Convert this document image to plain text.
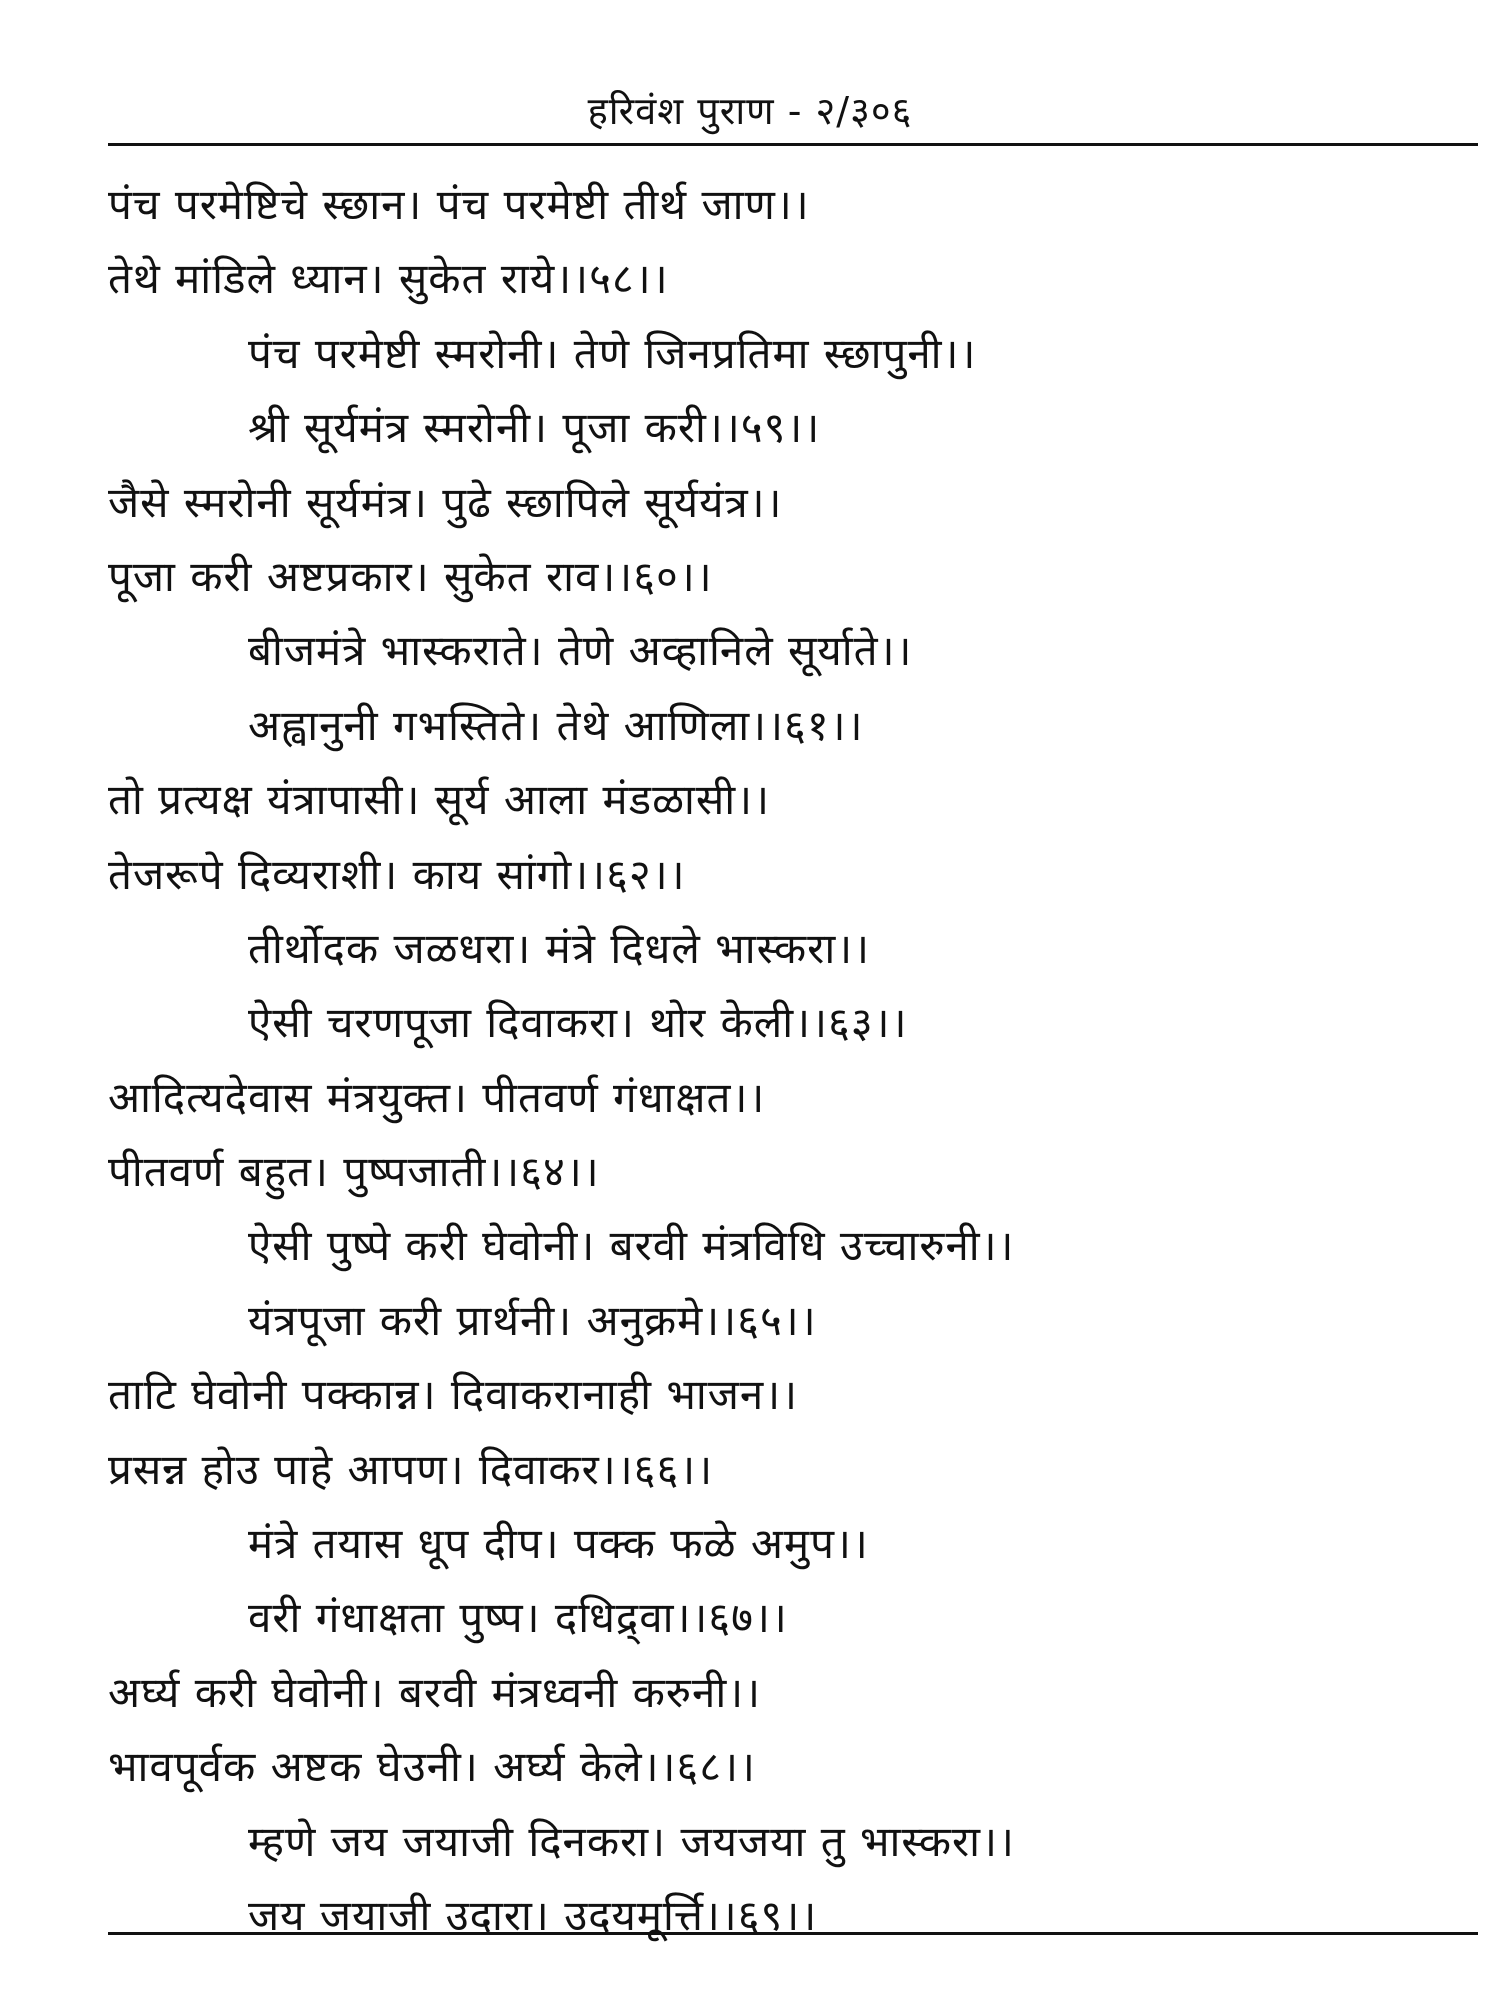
हरिवंश पुराण - २/३०६
पंच परमेष्टिचे स्छान। पंच परमेष्टी तीर्थ जाण।।
तेथे मांडिले ध्यान। सुकेत राये।।५८।।
पंच परमेष्टी स्मरोनी। तेणे जिनप्रतिमा स्छापुनी।।
श्री सूर्यमंत्र स्मरोनी। पूजा करी।।५९।।
जैसे स्मरोनी सूर्यमंत्र। पुढे स्छापिले सूर्ययंत्र।।
पूजा करी अष्टप्रकार। सुकेत राव।।६०।।
बीजमंत्रे भास्कराते। तेणे अव्हानिले सूर्याते।।
अह्वानुनी गभस्तिते। तेथे आणिला।।६१।।
तो प्रत्यक्ष यंत्रापासी। सूर्य आला मंडळासी।।
तेजरूपे दिव्यराशी। काय सांगो।।६२।।
तीर्थोदक जळधरा। मंत्रे दिधले भास्करा।।
ऐसी चरणपूजा दिवाकरा। थोर केली।।६३।।
आदित्यदेवास मंत्रयुक्त। पीतवर्ण गंधाक्षत।।
पीतवर्ण बहुत। पुष्पजाती।।६४।।
ऐसी पुष्पे करी घेवोनी। बरवी मंत्रविधि उच्चारुनी।।
यंत्रपूजा करी प्रार्थनी। अनुक्रमे।।६५।।
ताटि घेवोनी पक्कान्न। दिवाकरानाही भाजन।।
प्रसन्न होउ पाहे आपण। दिवाकर।।६६।।
मंत्रे तयास धूप दीप। पक्क फळे अमुप।।
वरी गंधाक्षता पुष्प। दधिद्र्वा।।६७।।
अर्घ्य करी घेवोनी। बरवी मंत्रध्वनी करुनी।।
भावपूर्वक अष्टक घेउनी। अर्घ्य केले।।६८।।
म्हणे जय जयाजी दिनकरा। जयजया तु भास्करा।।
जय जयाजी उदारा। उदयमूर्त्ति।।६९।।
